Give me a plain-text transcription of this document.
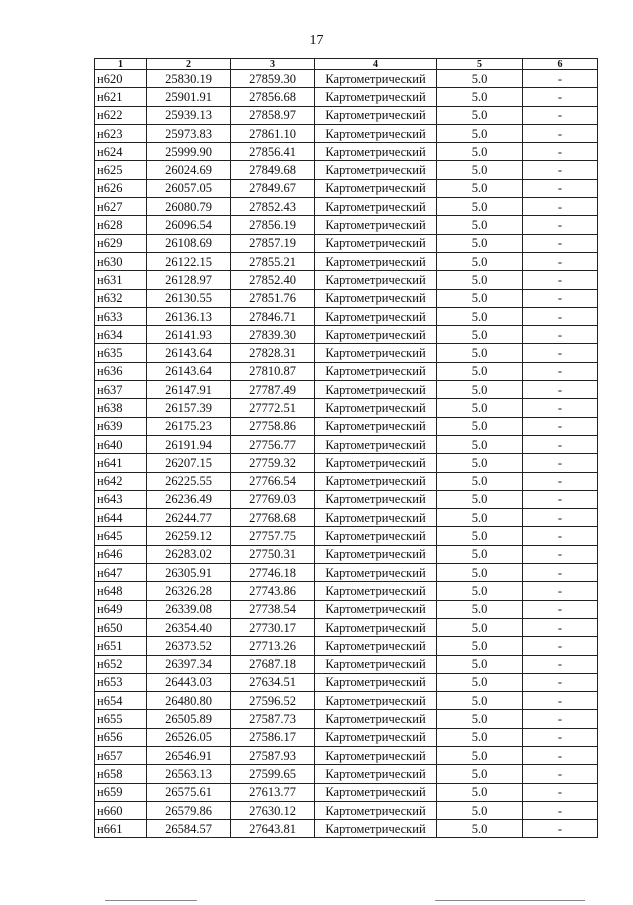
17
1	2	3	4	5	6
н620	25830.19	27859.30	Картометрический	5.0	-
н621	25901.91	27856.68	Картометрический	5.0	-
н622	25939.13	27858.97	Картометрический	5.0	-
н623	25973.83	27861.10	Картометрический	5.0	-
н624	25999.90	27856.41	Картометрический	5.0	-
н625	26024.69	27849.68	Картометрический	5.0	-
н626	26057.05	27849.67	Картометрический	5.0	-
н627	26080.79	27852.43	Картометрический	5.0	-
н628	26096.54	27856.19	Картометрический	5.0	-
н629	26108.69	27857.19	Картометрический	5.0	-
н630	26122.15	27855.21	Картометрический	5.0	-
н631	26128.97	27852.40	Картометрический	5.0	-
н632	26130.55	27851.76	Картометрический	5.0	-
н633	26136.13	27846.71	Картометрический	5.0	-
н634	26141.93	27839.30	Картометрический	5.0	-
н635	26143.64	27828.31	Картометрический	5.0	-
н636	26143.64	27810.87	Картометрический	5.0	-
н637	26147.91	27787.49	Картометрический	5.0	-
н638	26157.39	27772.51	Картометрический	5.0	-
н639	26175.23	27758.86	Картометрический	5.0	-
н640	26191.94	27756.77	Картометрический	5.0	-
н641	26207.15	27759.32	Картометрический	5.0	-
н642	26225.55	27766.54	Картометрический	5.0	-
н643	26236.49	27769.03	Картометрический	5.0	-
н644	26244.77	27768.68	Картометрический	5.0	-
н645	26259.12	27757.75	Картометрический	5.0	-
н646	26283.02	27750.31	Картометрический	5.0	-
н647	26305.91	27746.18	Картометрический	5.0	-
н648	26326.28	27743.86	Картометрический	5.0	-
н649	26339.08	27738.54	Картометрический	5.0	-
н650	26354.40	27730.17	Картометрический	5.0	-
н651	26373.52	27713.26	Картометрический	5.0	-
н652	26397.34	27687.18	Картометрический	5.0	-
н653	26443.03	27634.51	Картометрический	5.0	-
н654	26480.80	27596.52	Картометрический	5.0	-
н655	26505.89	27587.73	Картометрический	5.0	-
н656	26526.05	27586.17	Картометрический	5.0	-
н657	26546.91	27587.93	Картометрический	5.0	-
н658	26563.13	27599.65	Картометрический	5.0	-
н659	26575.61	27613.77	Картометрический	5.0	-
н660	26579.86	27630.12	Картометрический	5.0	-
н661	26584.57	27643.81	Картометрический	5.0	-
